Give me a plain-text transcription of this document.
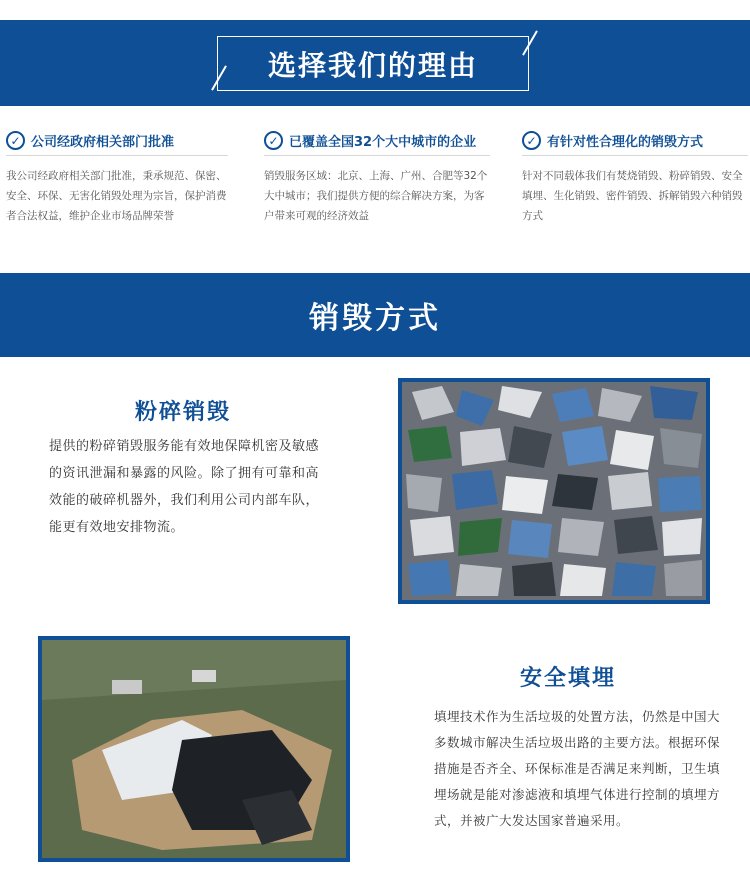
选择我们的理由
✓ 公司经政府相关部门批准
我公司经政府相关部门批准，秉承规范、保密、安全、环保、无害化销毁处理为宗旨，保护消费者合法权益，维护企业市场品牌荣誉
✓ 已覆盖全国32个大中城市的企业
销毁服务区域：北京、上海、广州、合肥等32个大中城市；我们提供方便的综合解决方案，为客户带来可观的经济效益
✓ 有针对性合理化的销毁方式
针对不同载体我们有焚烧销毁、粉碎销毁、安全填埋、生化销毁、密件销毁、拆解销毁六种销毁方式
销毁方式
粉碎销毁
提供的粉碎销毁服务能有效地保障机密及敏感的资讯泄漏和暴露的风险。除了拥有可靠和高效能的破碎机器外，我们利用公司内部车队，能更有效地安排物流。
安全填埋
填埋技术作为生活垃圾的处置方法，仍然是中国大多数城市解决生活垃圾出路的主要方法。根据环保措施是否齐全、环保标准是否满足来判断，卫生填埋场就是能对渗滤液和填埋气体进行控制的填埋方式，并被广大发达国家普遍采用。
